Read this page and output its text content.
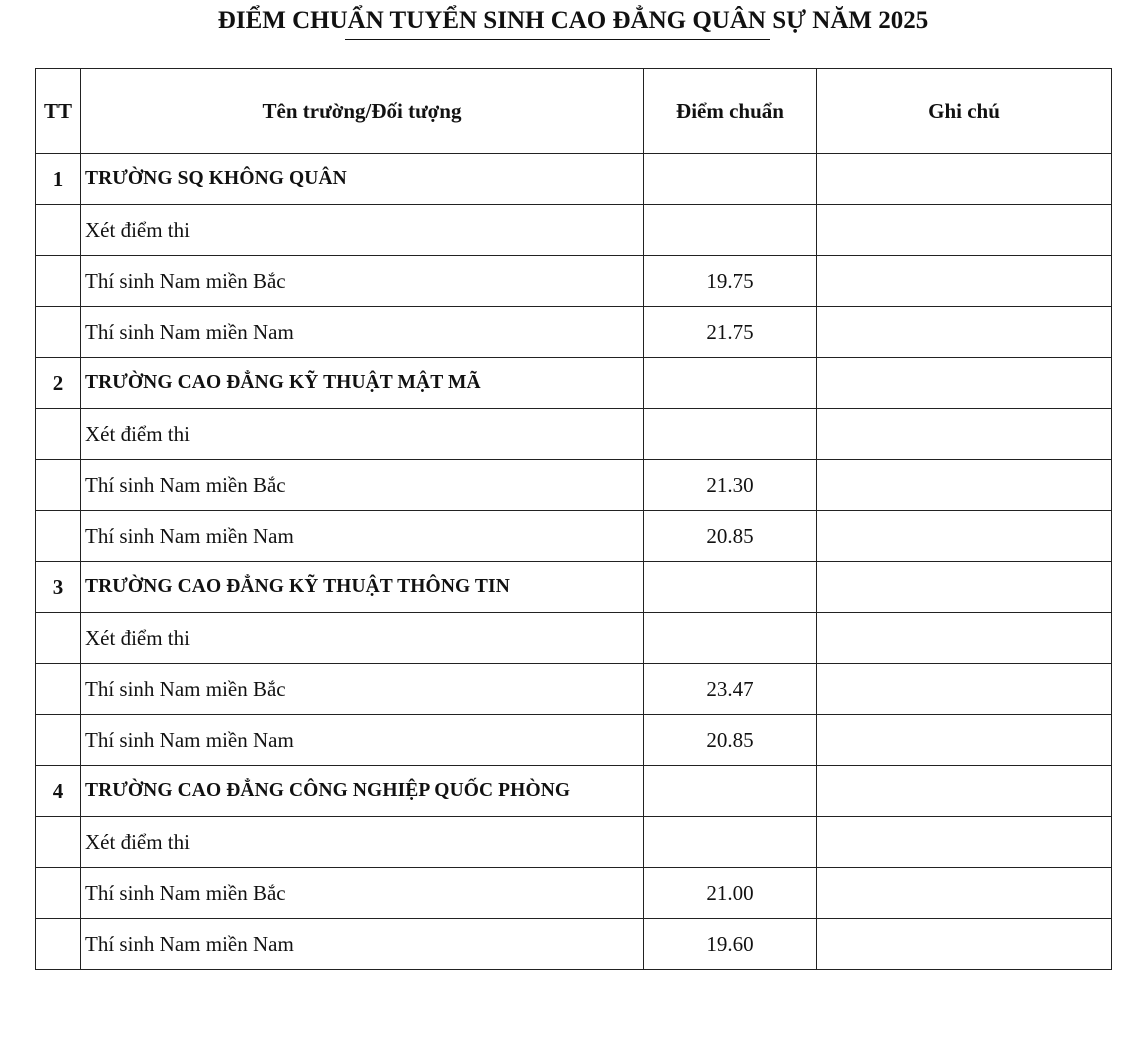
ĐIỂM CHUẨN TUYỂN SINH CAO ĐẲNG QUÂN SỰ NĂM 2025
TT	Tên trường/Đối tượng	Điểm chuẩn	Ghi chú
1	TRƯỜNG SQ KHÔNG QUÂN		
	Xét điểm thi		
	Thí sinh Nam miền Bắc	19.75	
	Thí sinh Nam miền Nam	21.75	
2	TRƯỜNG CAO ĐẲNG KỸ THUẬT MẬT MÃ		
	Xét điểm thi		
	Thí sinh Nam miền Bắc	21.30	
	Thí sinh Nam miền Nam	20.85	
3	TRƯỜNG CAO ĐẲNG KỸ THUẬT THÔNG TIN		
	Xét điểm thi		
	Thí sinh Nam miền Bắc	23.47	
	Thí sinh Nam miền Nam	20.85	
4	TRƯỜNG CAO ĐẲNG CÔNG NGHIỆP QUỐC PHÒNG		
	Xét điểm thi		
	Thí sinh Nam miền Bắc	21.00	
	Thí sinh Nam miền Nam	19.60	
